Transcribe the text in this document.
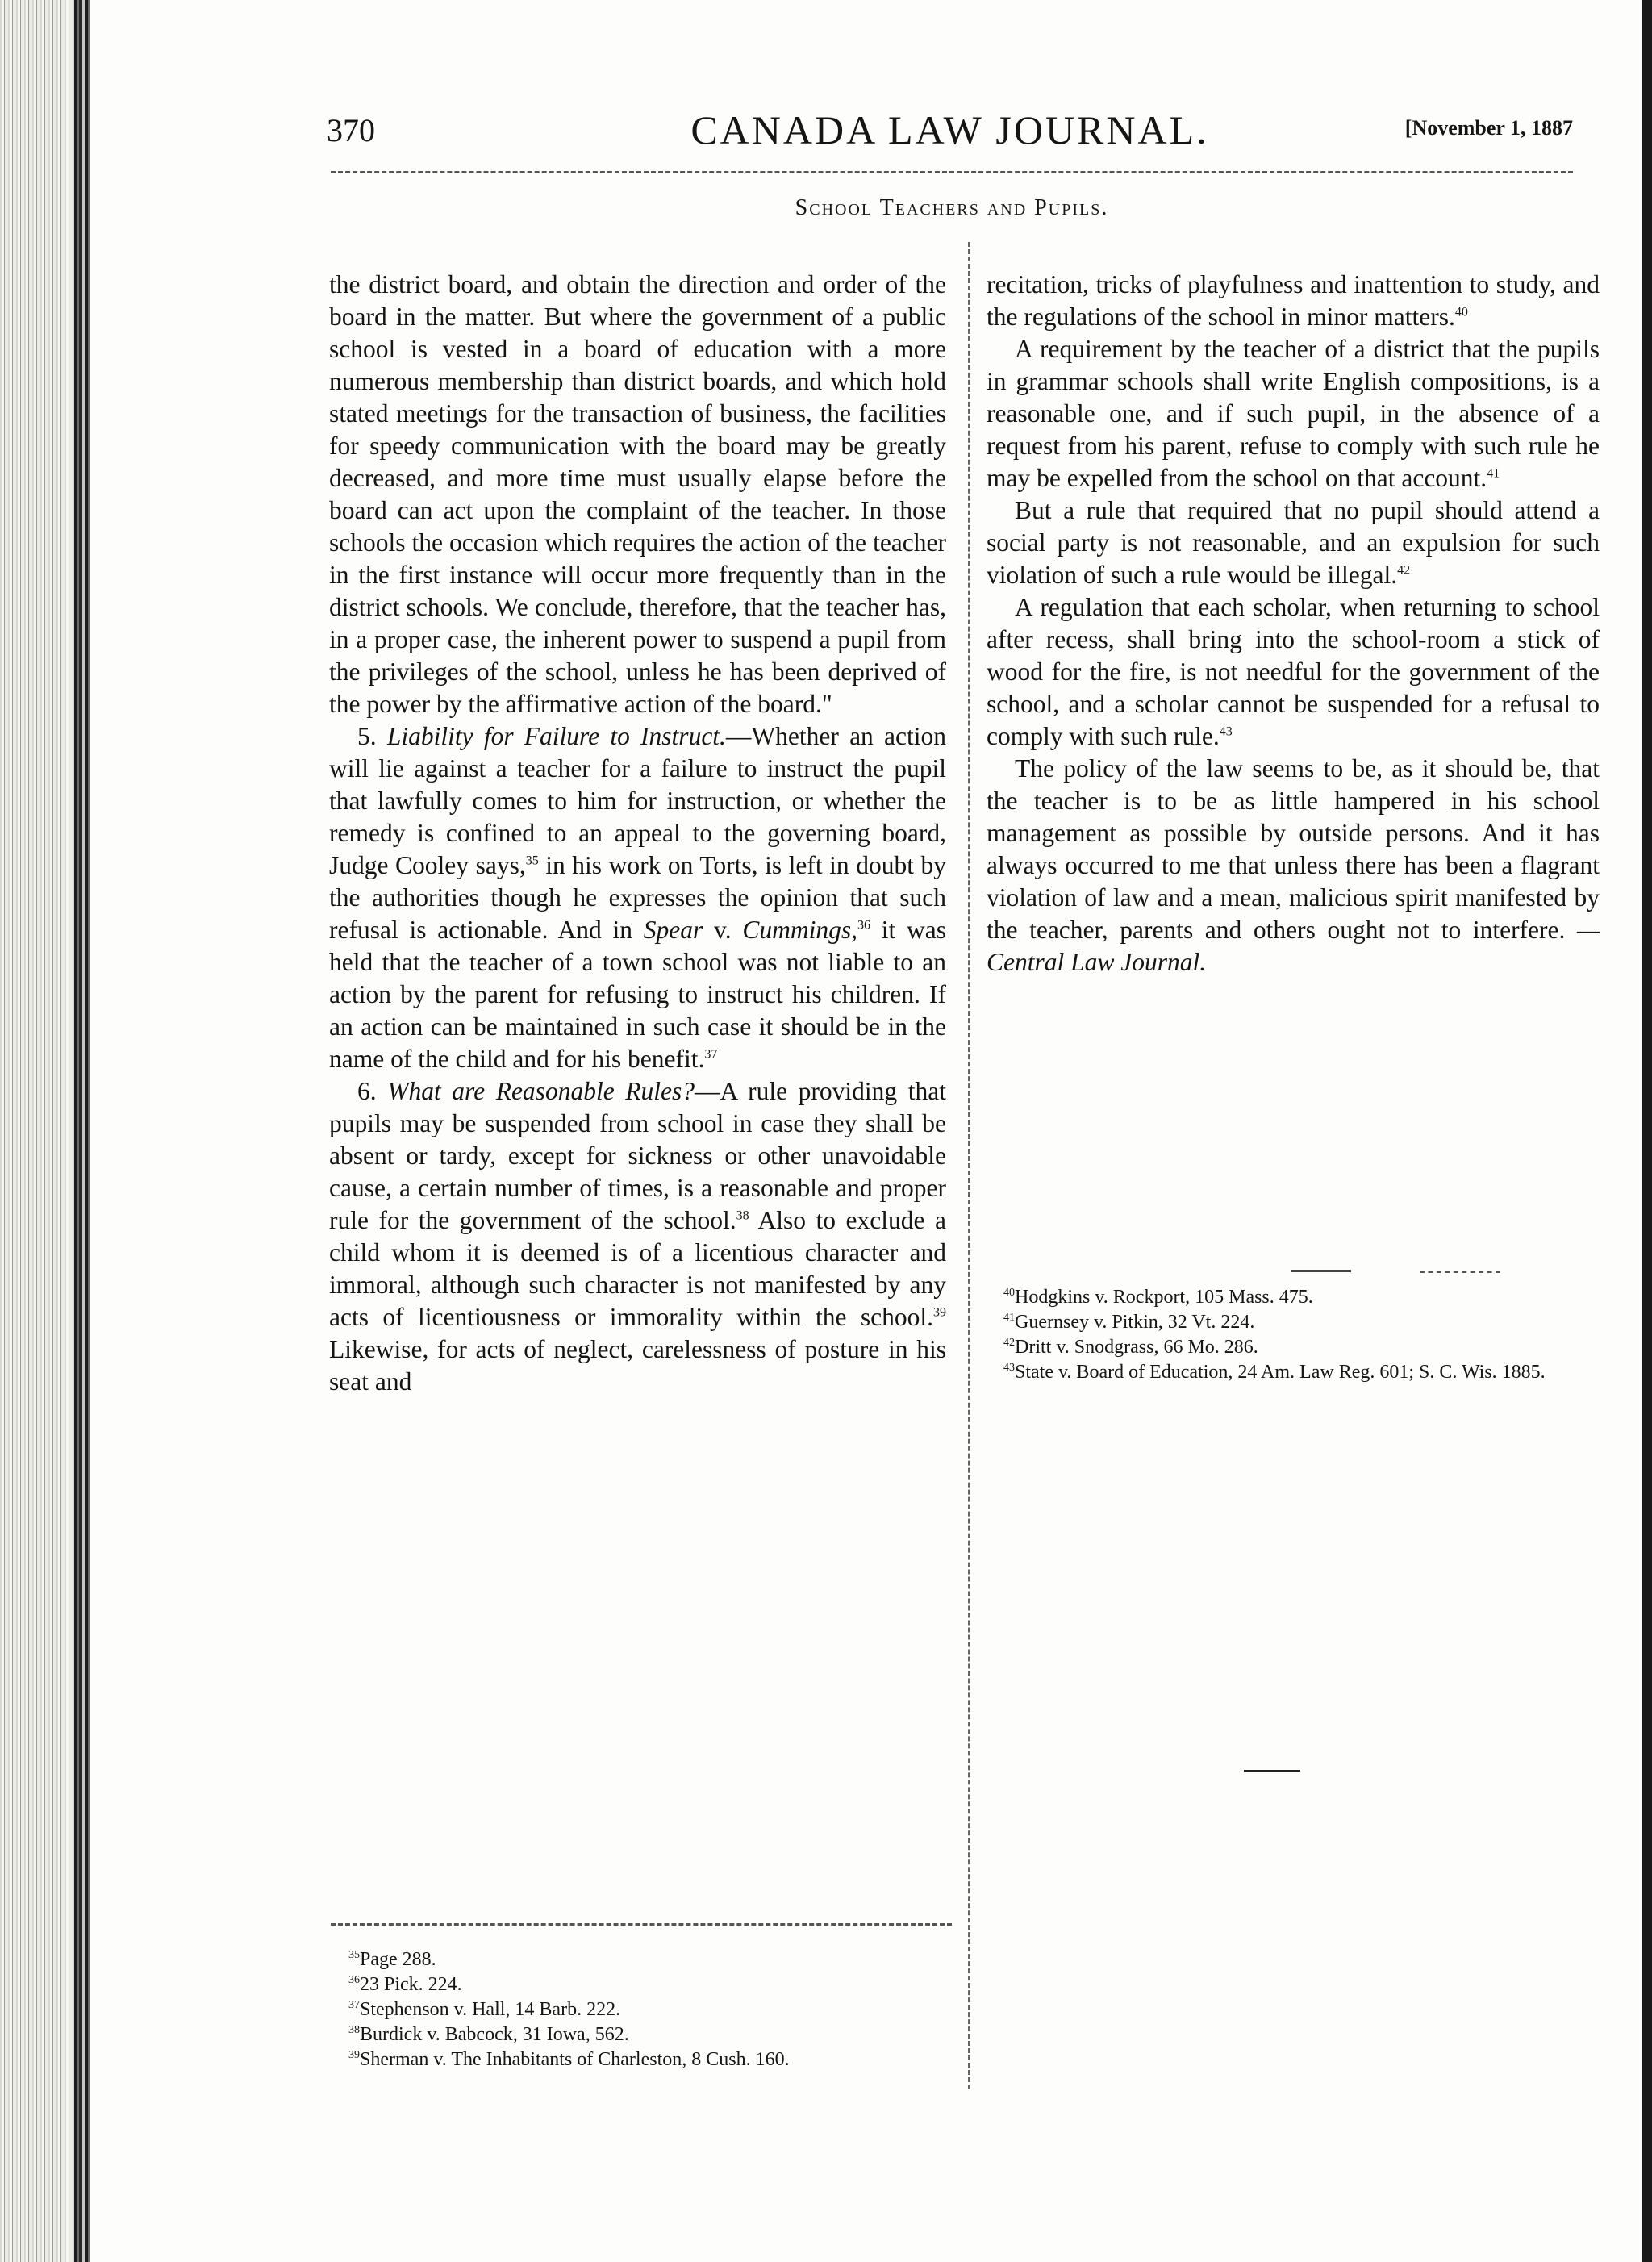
370	CANADA LAW JOURNAL.	[November 1, 1887
School Teachers and Pupils.

the district board, and obtain the direction and order of the board in the matter. But where the government of a public school is vested in a board of education with a more numerous membership than district boards, and which hold stated meetings for the transaction of business, the facilities for speedy communication with the board may be greatly decreased, and more time must usually elapse before the board can act upon the complaint of the teacher. In those schools the occasion which requires the action of the teacher in the first instance will occur more frequently than in the district schools. We conclude, therefore, that the teacher has, in a proper case, the inherent power to suspend a pupil from the privileges of the school, unless he has been deprived of the power by the affirmative action of the board."

5. Liability for Failure to Instruct.—Whether an action will lie against a teacher for a failure to instruct the pupil that lawfully comes to him for instruction, or whether the remedy is confined to an appeal to the governing board, Judge Cooley says,$^{35}$ in his work on Torts, is left in doubt by the authorities though he expresses the opinion that such refusal is actionable. And in Spear v. Cummings,$^{36}$ it was held that the teacher of a town school was not liable to an action by the parent for refusing to instruct his children. If an action can be maintained in such case it should be in the name of the child and for his benefit.$^{37}$

6. What are Reasonable Rules?—A rule providing that pupils may be suspended from school in case they shall be absent or tardy, except for sickness or other unavoidable cause, a certain number of times, is a reasonable and proper rule for the government of the school.$^{38}$ Also to exclude a child whom it is deemed is of a licentious character and immoral, although such character is not manifested by any acts of licentiousness or immorality within the school.$^{39}$ Likewise, for acts of neglect, carelessness of posture in his seat and

recitation, tricks of playfulness and inattention to study, and the regulations of the school in minor matters.$^{40}$

A requirement by the teacher of a district that the pupils in grammar schools shall write English compositions, is a reasonable one, and if such pupil, in the absence of a request from his parent, refuse to comply with such rule he may be expelled from the school on that account.$^{41}$

But a rule that required that no pupil should attend a social party is not reasonable, and an expulsion for such violation of such a rule would be illegal.$^{42}$

A regulation that each scholar, when returning to school after recess, shall bring into the school-room a stick of wood for the fire, is not needful for the government of the school, and a scholar cannot be suspended for a refusal to comply with such rule.$^{43}$

The policy of the law seems to be, as it should be, that the teacher is to be as little hampered in his school management as possible by outside persons. And it has always occurred to me that unless there has been a flagrant violation of law and a mean, malicious spirit manifested by the teacher, parents and others ought not to interfere. —Central Law Journal.

$^{40}$Hodgkins v. Rockport, 105 Mass. 475.
$^{41}$Guernsey v. Pitkin, 32 Vt. 224.
$^{42}$Dritt v. Snodgrass, 66 Mo. 286.
$^{43}$State v. Board of Education, 24 Am. Law Reg. 601; S. C. Wis. 1885.
$^{35}$Page 288.
$^{36}$23 Pick. 224.
$^{37}$Stephenson v. Hall, 14 Barb. 222.
$^{38}$Burdick v. Babcock, 31 Iowa, 562.
$^{39}$Sherman v. The Inhabitants of Charleston, 8 Cush. 160.
